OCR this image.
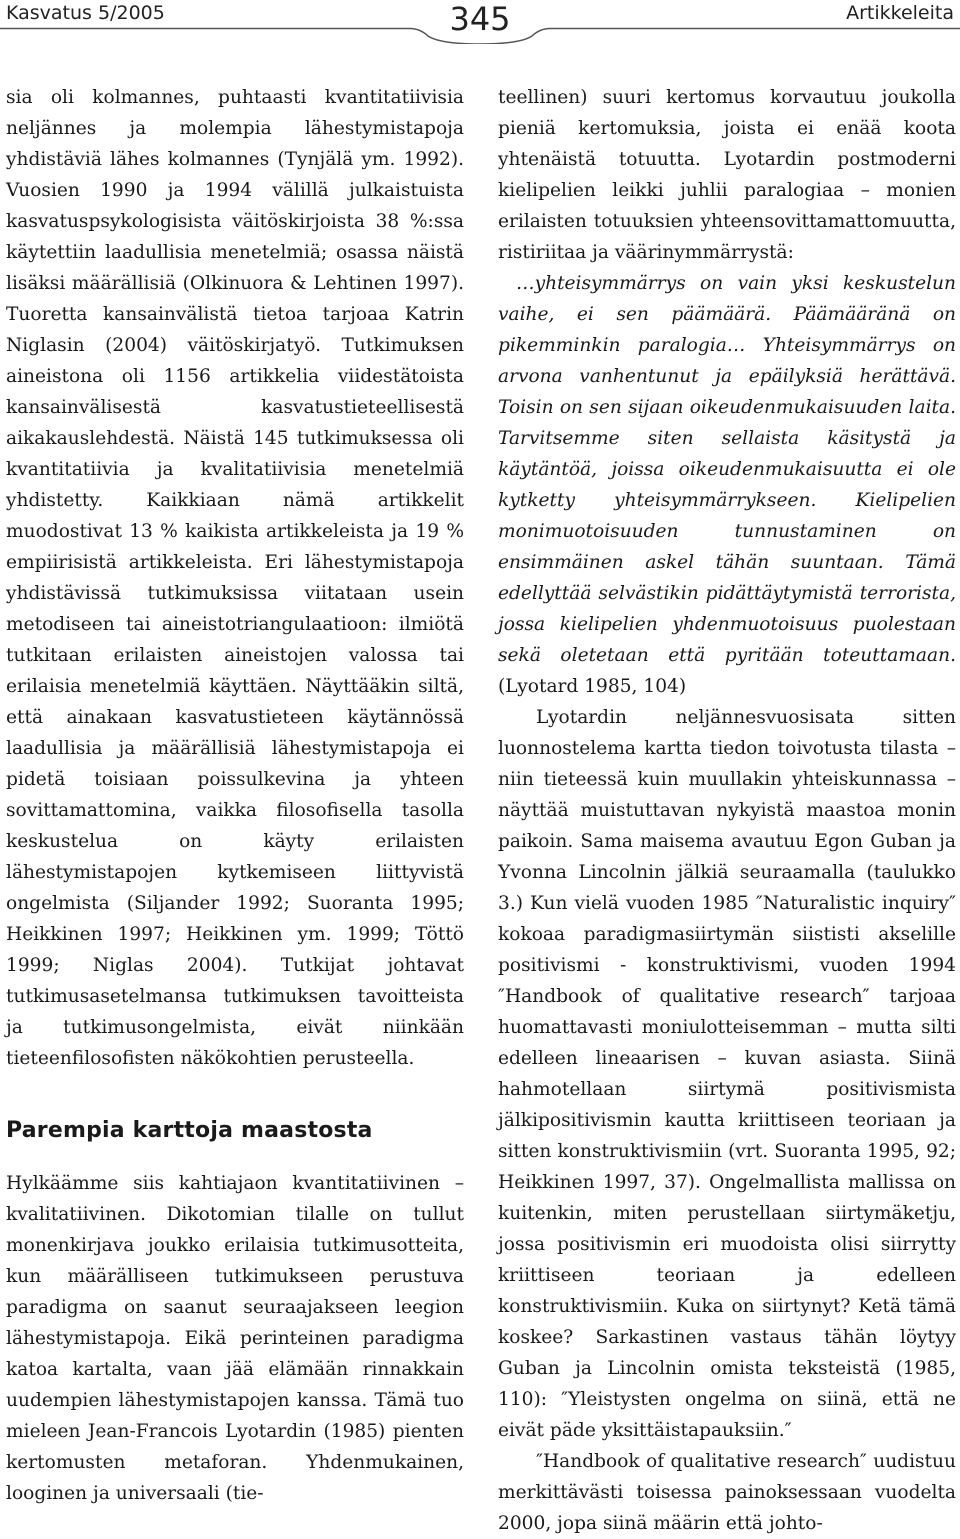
Kasvatus 5/2005	345	Artikkeleita

sia oli kolmannes, puhtaasti kvantitatiivisia neljännes ja molempia lähestymistapoja yhdistäviä lähes kolmannes (Tynjälä ym. 1992). Vuosien 1990 ja 1994 välillä julkaistuista kasvatuspsykologisista väitöskirjoista 38 %:ssa käytettiin laadullisia menetelmiä; osassa näistä lisäksi määrällisiä (Olkinuora & Lehtinen 1997). Tuoretta kansainvälistä tietoa tarjoaa Katrin Niglasin (2004) väitöskirjatyö. Tutkimuksen aineistona oli 1156 artikkelia viidestätoista kansainvälisestä kasvatustieteellisestä aikakauslehdestä. Näistä 145 tutkimuksessa oli kvantitatiivia ja kvalitatiivisia menetelmiä yhdistetty. Kaikkiaan nämä artikkelit muodostivat 13 % kaikista artikkeleista ja 19 % empiirisistä artikkeleista. Eri lähestymistapoja yhdistävissä tutkimuksissa viitataan usein metodiseen tai aineistotriangulaatioon: ilmiötä tutkitaan erilaisten aineistojen valossa tai erilaisia menetelmiä käyttäen. Näyttääkin siltä, että ainakaan kasvatustieteen käytännössä laadullisia ja määrällisiä lähestymistapoja ei pidetä toisiaan poissulkevina ja yhteen sovittamattomina, vaikka filosofisella tasolla keskustelua on käyty erilaisten lähestymistapojen kytkemiseen liittyvistä ongelmista (Siljander 1992; Suoranta 1995; Heikkinen 1997; Heikkinen ym. 1999; Töttö 1999; Niglas 2004). Tutkijat johtavat tutkimusasetelmansa tutkimuksen tavoitteista ja tutkimusongelmista, eivät niinkään tieteenfilosofisten näkökohtien perusteella.

Parempia karttoja maastosta

Hylkäämme siis kahtiajaon kvantitatiivinen –kvalitatiivinen. Dikotomian tilalle on tullut monenkirjava joukko erilaisia tutkimusotteita, kun määrälliseen tutkimukseen perustuva paradigma on saanut seuraajakseen leegion lähestymistapoja. Eikä perinteinen paradigma katoa kartalta, vaan jää elämään rinnakkain uudempien lähestymistapojen kanssa. Tämä tuo mieleen Jean-Francois Lyotardin (1985) pienten kertomusten metaforan. Yhdenmukainen, looginen ja universaali (tie-

teellinen) suuri kertomus korvautuu joukolla pieniä kertomuksia, joista ei enää koota yhtenäistä totuutta. Lyotardin postmoderni kielipelien leikki juhlii paralogiaa – monien erilaisten totuuksien yhteensovittamattomuutta, ristiriitaa ja väärinymmärrystä:

…yhteisymmärrys on vain yksi keskustelun vaihe, ei sen päämäärä. Päämääränä on pikemminkin paralogia… Yhteisymmärrys on arvona vanhentunut ja epäilyksiä herättävä. Toisin on sen sijaan oikeudenmukaisuuden laita. Tarvitsemme siten sellaista käsitystä ja käytäntöä, joissa oikeudenmukaisuutta ei ole kytketty yhteisymmärrykseen. Kielipelien monimuotoisuuden tunnustaminen on ensimmäinen askel tähän suuntaan. Tämä edellyttää selvästikin pidättäytymistä terrorista, jossa kielipelien yhdenmuotoisuus puolestaan sekä oletetaan että pyritään toteuttamaan. (Lyotard 1985, 104)

Lyotardin neljännesvuosisata sitten luonnostelema kartta tiedon toivotusta tilasta – niin tieteessä kuin muullakin yhteiskunnassa – näyttää muistuttavan nykyistä maastoa monin paikoin. Sama maisema avautuu Egon Guban ja Yvonna Lincolnin jälkiä seuraamalla (taulukko 3.) Kun vielä vuoden 1985 ″Naturalistic inquiry″ kokoaa paradigmasiirtymän siististi akselille positivismi - konstruktivismi, vuoden 1994 ″Handbook of qualitative research″ tarjoaa huomattavasti moniulotteisemman – mutta silti edelleen lineaarisen – kuvan asiasta. Siinä hahmotellaan siirtymä positivismista jälkipositivismin kautta kriittiseen teoriaan ja sitten konstruktivismiin (vrt. Suoranta 1995, 92; Heikkinen 1997, 37). Ongelmallista mallissa on kuitenkin, miten perustellaan siirtymäketju, jossa positivismin eri muodoista olisi siirrytty kriittiseen teoriaan ja edelleen konstruktivismiin. Kuka on siirtynyt? Ketä tämä koskee? Sarkastinen vastaus tähän löytyy Guban ja Lincolnin omista teksteistä (1985, 110): ″Yleistysten ongelma on siinä, että ne eivät päde yksittäistapauksiin.″

″Handbook of qualitative research″ uudistuu merkittävästi toisessa painoksessaan vuodelta 2000, jopa siinä määrin että johto-
